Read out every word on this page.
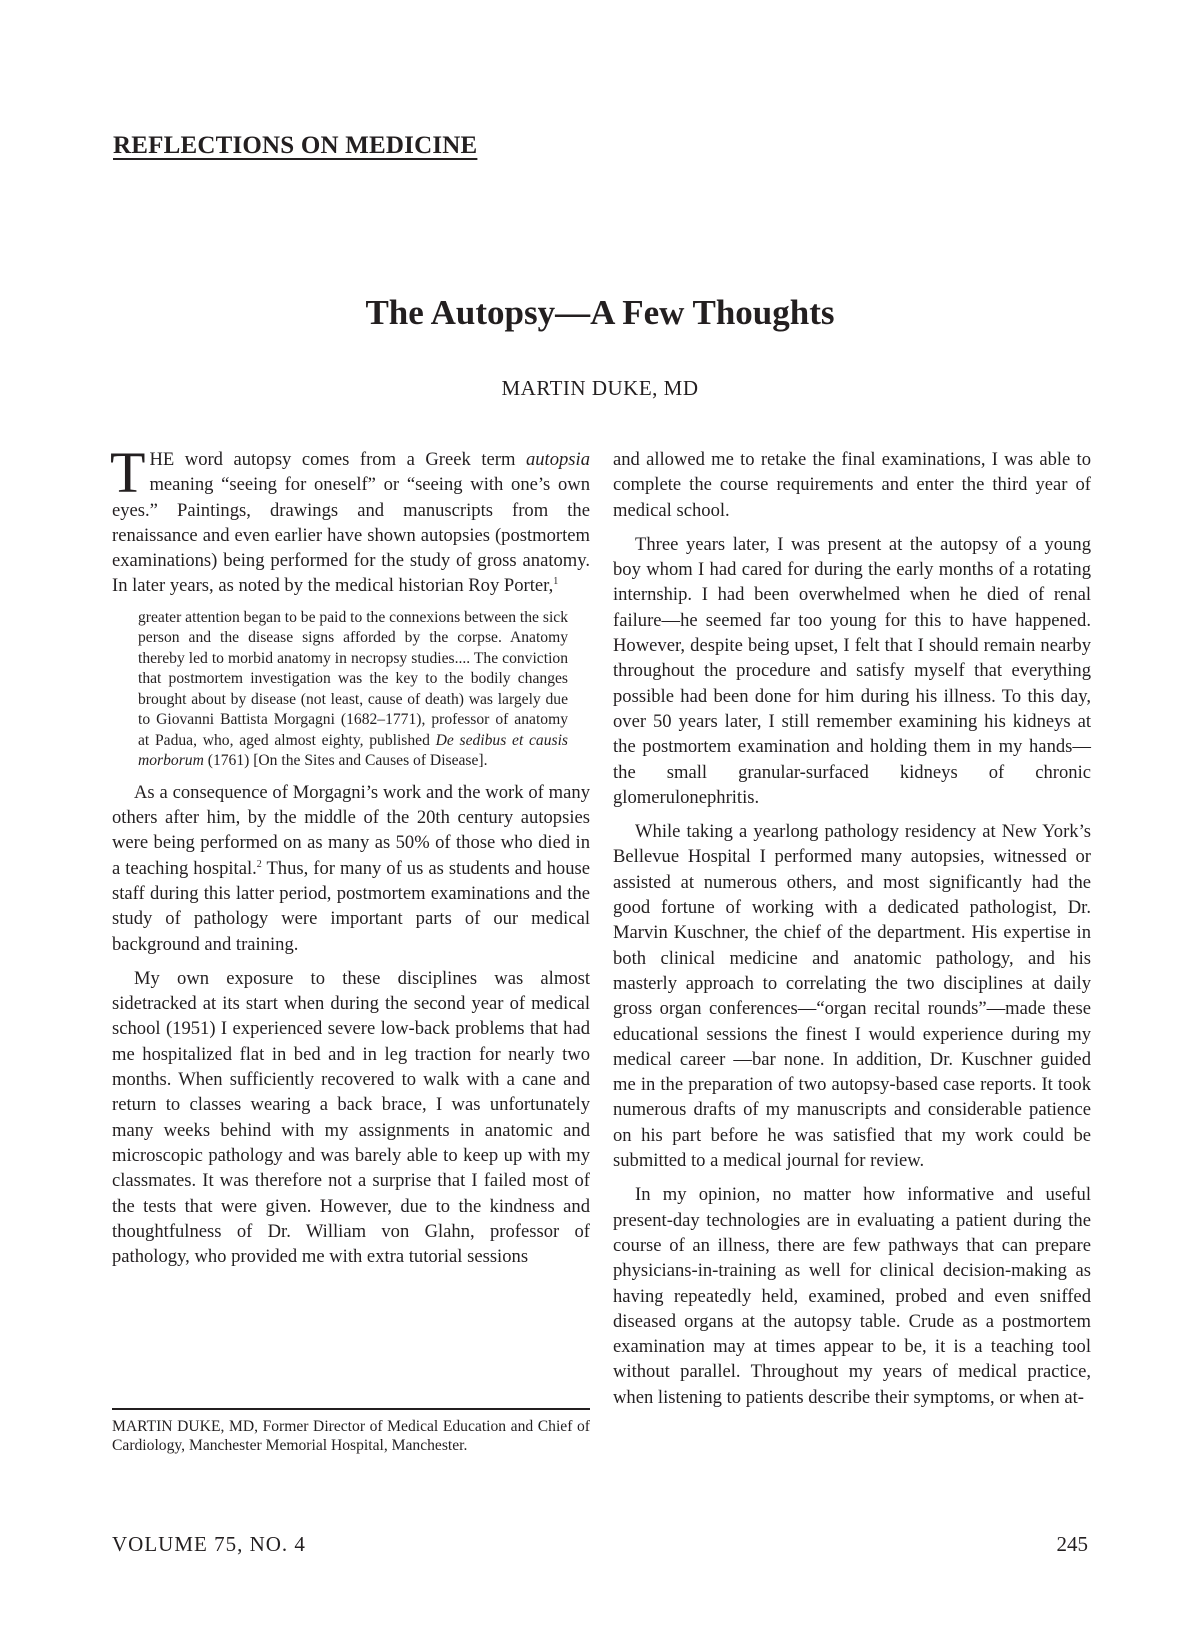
REFLECTIONS ON MEDICINE
The Autopsy—A Few Thoughts
MARTIN DUKE, MD

THE word autopsy comes from a Greek term autopsia meaning “seeing for oneself” or “seeing with one’s own eyes.” Paintings, drawings and manuscripts from the renaissance and even earlier have shown autopsies (postmortem examinations) being performed for the study of gross anatomy. In later years, as noted by the medical historian Roy Porter,$^1$

greater attention began to be paid to the connexions between the sick person and the disease signs afforded by the corpse. Anatomy thereby led to morbid anatomy in necropsy studies.... The conviction that postmortem investigation was the key to the bodily changes brought about by disease (not least, cause of death) was largely due to Giovanni Battista Morgagni (1682–1771), professor of anatomy at Padua, who, aged almost eighty, published De sedibus et causis morborum (1761) [On the Sites and Causes of Disease].

As a consequence of Morgagni’s work and the work of many others after him, by the middle of the 20th century autopsies were being performed on as many as 50% of those who died in a teaching hospital.$^2$ Thus, for many of us as students and house staff during this latter period, postmortem examinations and the study of pathology were important parts of our medical background and training.

My own exposure to these disciplines was almost sidetracked at its start when during the second year of medical school (1951) I experienced severe low-back problems that had me hospitalized flat in bed and in leg traction for nearly two months. When sufficiently recovered to walk with a cane and return to classes wearing a back brace, I was unfortunately many weeks behind with my assignments in anatomic and microscopic pathology and was barely able to keep up with my classmates. It was therefore not a surprise that I failed most of the tests that were given. However, due to the kindness and thoughtfulness of Dr. William von Glahn, professor of pathology, who provided me with extra tutorial sessions

and allowed me to retake the final examinations, I was able to complete the course requirements and enter the third year of medical school.

Three years later, I was present at the autopsy of a young boy whom I had cared for during the early months of a rotating internship. I had been overwhelmed when he died of renal failure—he seemed far too young for this to have happened. However, despite being upset, I felt that I should remain nearby throughout the procedure and satisfy myself that everything possible had been done for him during his illness. To this day, over 50 years later, I still remember examining his kidneys at the postmortem examination and holding them in my hands—the small granular-surfaced kidneys of chronic glomerulonephritis.

While taking a yearlong pathology residency at New York’s Bellevue Hospital I performed many autopsies, witnessed or assisted at numerous others, and most significantly had the good fortune of working with a dedicated pathologist, Dr. Marvin Kuschner, the chief of the department. His expertise in both clinical medicine and anatomic pathology, and his masterly approach to correlating the two disciplines at daily gross organ conferences—“organ recital rounds”—made these educational sessions the finest I would experience during my medical career —bar none. In addition, Dr. Kuschner guided me in the preparation of two autopsy-based case reports. It took numerous drafts of my manuscripts and considerable patience on his part before he was satisfied that my work could be submitted to a medical journal for review.

In my opinion, no matter how informative and useful present-day technologies are in evaluating a patient during the course of an illness, there are few pathways that can prepare physicians-in-training as well for clinical decision-making as having repeatedly held, examined, probed and even sniffed diseased organs at the autopsy table. Crude as a postmortem examination may at times appear to be, it is a teaching tool without parallel. Throughout my years of medical practice, when listening to patients describe their symptoms, or when at-

MARTIN DUKE, MD, Former Director of Medical Education and Chief of Cardiology, Manchester Memorial Hospital, Manchester.

VOLUME 75, NO. 4	245
